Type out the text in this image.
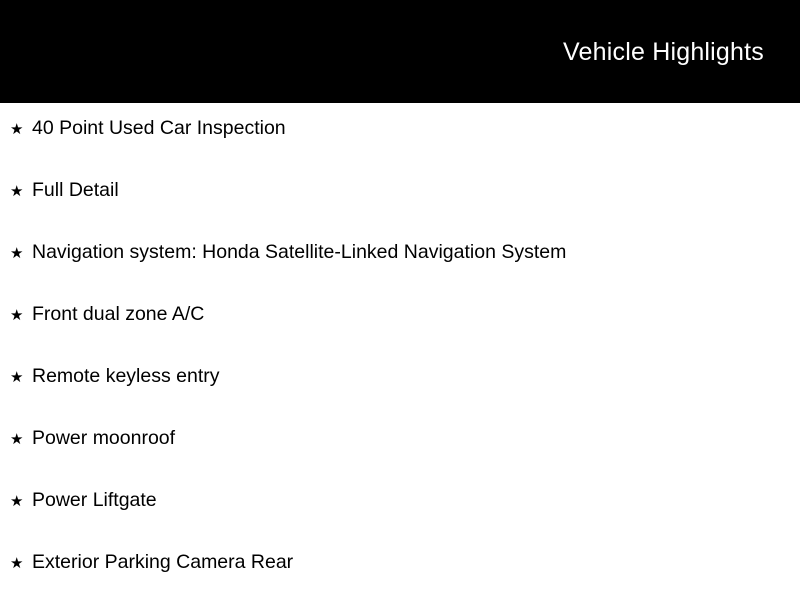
Vehicle Highlights
★ 40 Point Used Car Inspection
★ Full Detail
★ Navigation system: Honda Satellite-Linked Navigation System
★ Front dual zone A/C
★ Remote keyless entry
★ Power moonroof
★ Power Liftgate
★ Exterior Parking Camera Rear
